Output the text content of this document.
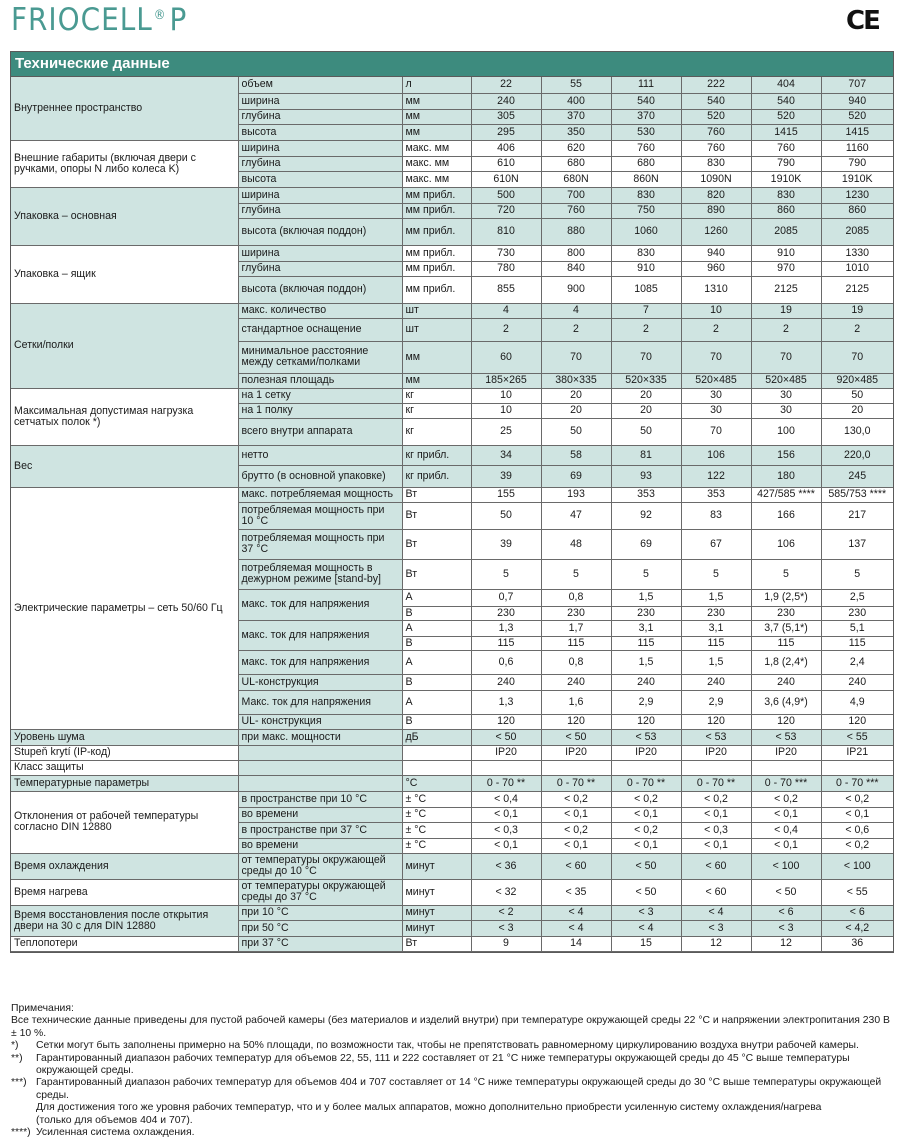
FRIOCELL®P	CE
Технические данные
Внутреннее пространство	объем	л	22	55	111	222	404	707
	ширина	мм	240	400	540	540	540	940
	глубина	мм	305	370	370	520	520	520
	высота	мм	295	350	530	760	1415	1415
Внешние габариты (включая двери с ручками, опоры N либо колеса K)	ширина	макс. мм	406	620	760	760	760	1160
	глубина	макс. мм	610	680	680	830	790	790
	высота	макс. мм	610N	680N	860N	1090N	1910K	1910K
Упаковка – основная	ширина	мм прибл.	500	700	830	820	830	1230
	глубина	мм прибл.	720	760	750	890	860	860
	высота (включая поддон)	мм прибл.	810	880	1060	1260	2085	2085
Упаковка – ящик	ширина	мм прибл.	730	800	830	940	910	1330
	глубина	мм прибл.	780	840	910	960	970	1010
	высота (включая поддон)	мм прибл.	855	900	1085	1310	2125	2125
Сетки/полки	макс. количество	шт	4	4	7	10	19	19
	стандартное оснащение	шт	2	2	2	2	2	2
	минимальное расстояние между сетками/полками	мм	60	70	70	70	70	70
	полезная площадь	мм	185×265	380×335	520×335	520×485	520×485	920×485
Максимальная допустимая нагрузка сетчатых полок *)	на 1 сетку	кг	10	20	20	30	30	50
	на 1 полку	кг	10	20	20	30	30	20
	всего внутри аппарата	кг	25	50	50	70	100	130,0
Вес	нетто	кг прибл.	34	58	81	106	156	220,0
	брутто (в основной упаковке)	кг прибл.	39	69	93	122	180	245
Электрические параметры – сеть 50/60 Гц	макс. потребляемая мощность	Вт	155	193	353	353	427/585 ****	585/753 ****
	потребляемая мощность при 10 °C	Вт	50	47	92	83	166	217
	потребляемая мощность при 37 °C	Вт	39	48	69	67	106	137
	потребляемая мощность в дежурном режиме [stand-by]	Вт	5	5	5	5	5	5
	макс. ток для напряжения	A	0,7	0,8	1,5	1,5	1,9 (2,5*)	2,5
		В	230	230	230	230	230	230
	макс. ток для напряжения	A	1,3	1,7	3,1	3,1	3,7 (5,1*)	5,1
		В	115	115	115	115	115	115
	макс. ток для напряжения	A	0,6	0,8	1,5	1,5	1,8 (2,4*)	2,4
	UL-конструкция	В	240	240	240	240	240	240
	Макс. ток для напряжения	A	1,3	1,6	2,9	2,9	3,6 (4,9*)	4,9
	UL- конструкция	В	120	120	120	120	120	120
Уровень шума	при макс. мощности	дБ	< 50	< 50	< 53	< 53	< 53	< 55
Stupeň krytí (IP-код)			IP20	IP20	IP20	IP20	IP20	IP21
Класс защиты								
Температурные параметры		°C	0 - 70 **	0 - 70 **	0 - 70 **	0 - 70 **	0 - 70 ***	0 - 70 ***
Отклонения от рабочей температуры согласно DIN 12880	в пространстве при 10 °C	± °C	< 0,4	< 0,2	< 0,2	< 0,2	< 0,2	< 0,2
	во времени	± °C	< 0,1	< 0,1	< 0,1	< 0,1	< 0,1	< 0,1
	в пространстве при 37 °C	± °C	< 0,3	< 0,2	< 0,2	< 0,3	< 0,4	< 0,6
	во времени	± °C	< 0,1	< 0,1	< 0,1	< 0,1	< 0,1	< 0,2
Время охлаждения	от температуры окружающей среды до 10 °C	минут	< 36	< 60	< 50	< 60	< 100	< 100
Время нагрева	от температуры окружающей среды до 37 °C	минут	< 32	< 35	< 50	< 60	< 50	< 55
Время восстановления после открытия двери на 30 с для DIN 12880	при 10 °C	минут	< 2	< 4	< 3	< 4	< 6	< 6
	при 50 °C	минут	< 3	< 4	< 4	< 3	< 3	< 4,2
Теплопотери	при 37 °C	Вт	9	14	15	12	12	36
Примечания:
Все технические данные приведены для пустой рабочей камеры (без материалов и изделий внутри) при температуре окружающей среды 22 °C и напряжении электропитания 230 В ± 10 %.
*)	Сетки могут быть заполнены примерно на 50% площади, по возможности так, чтобы не препятствовать равномерному циркулированию воздуха внутри рабочей камеры.
**)	Гарантированный диапазон рабочих температур для объемов 22, 55, 111 и 222 составляет от 21 °C ниже температуры окружающей среды до 45 °C выше температуры окружающей среды.
***) Гарантированный диапазон рабочих температур для объемов 404 и 707 составляет от 14 °C ниже температуры окружающей среды до 30 °C выше температуры окружающей среды.
Для достижения того же уровня рабочих температур, что и у более малых аппаратов, можно дополнительно приобрести усиленную систему охлаждения/нагрева
(только для объемов 404 и 707).
****) Усиленная система охлаждения.
